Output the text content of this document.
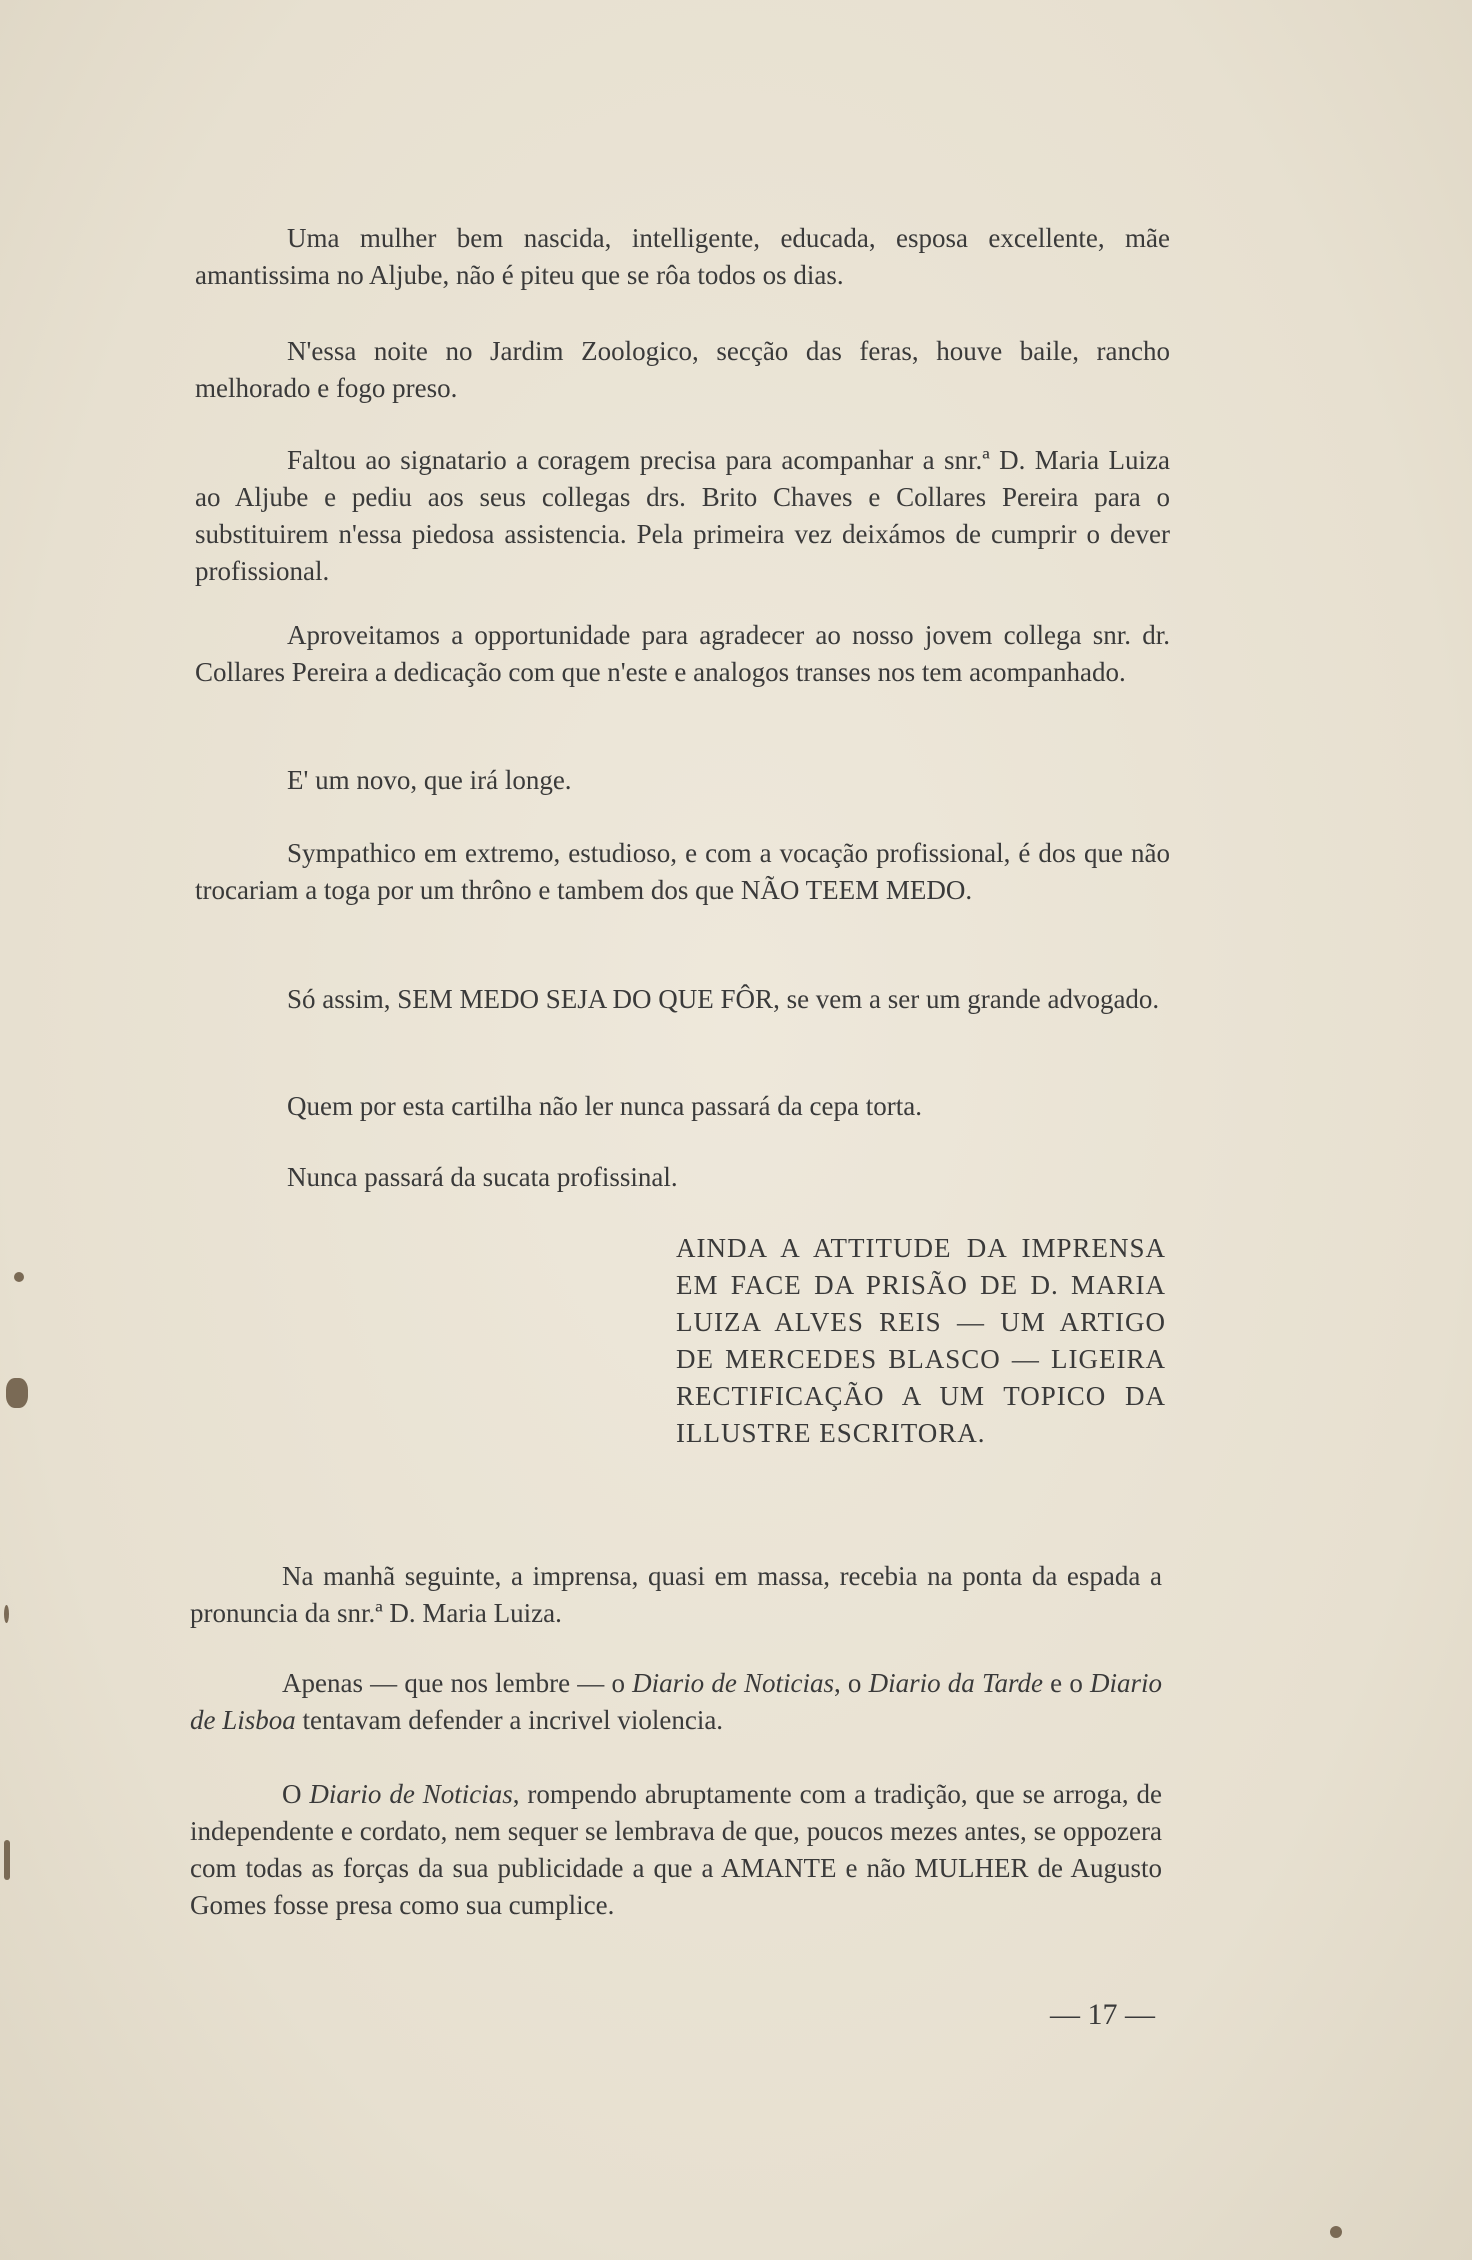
Uma mulher bem nascida, intelligente, educada, esposa excellente, mãe amantissima no Aljube, não é piteu que se rôa todos os dias.

N'essa noite no Jardim Zoologico, secção das feras, houve baile, rancho melhorado e fogo preso.

Faltou ao signatario a coragem precisa para acompanhar a snr.ª D. Maria Luiza ao Aljube e pediu aos seus collegas drs. Brito Chaves e Collares Pereira para o substituirem n'essa piedosa assistencia. Pela primeira vez deixámos de cumprir o dever profissional.

Aproveitamos a opportunidade para agradecer ao nosso jovem collega snr. dr. Collares Pereira a dedicação com que n'este e analogos transes nos tem acompanhado.

E' um novo, que irá longe.

Sympathico em extremo, estudioso, e com a vocação profissional, é dos que não trocariam a toga por um thrôno e tambem dos que NÃO TEEM MEDO.

Só assim, SEM MEDO SEJA DO QUE FÔR, se vem a ser um grande advogado.

Quem por esta cartilha não ler nunca passará da cepa torta.

Nunca passará da sucata profissinal.

AINDA A ATTITUDE DA IMPRENSA EM FACE DA PRISÃO DE D. MARIA LUIZA ALVES REIS — UM ARTIGO DE MERCEDES BLASCO — LIGEIRA RECTIFICAÇÃO A UM TOPICO DA ILLUSTRE ESCRITORA.

Na manhã seguinte, a imprensa, quasi em massa, recebia na ponta da espada a pronuncia da snr.ª D. Maria Luiza.

Apenas — que nos lembre — o Diario de Noticias, o Diario da Tarde e o Diario de Lisboa tentavam defender a incrivel violencia.

O Diario de Noticias, rompendo abruptamente com a tradição, que se arroga, de independente e cordato, nem sequer se lembrava de que, poucos mezes antes, se oppozera com todas as forças da sua publicidade a que a AMANTE e não MULHER de Augusto Gomes fosse presa como sua cumplice.

— 17 —
